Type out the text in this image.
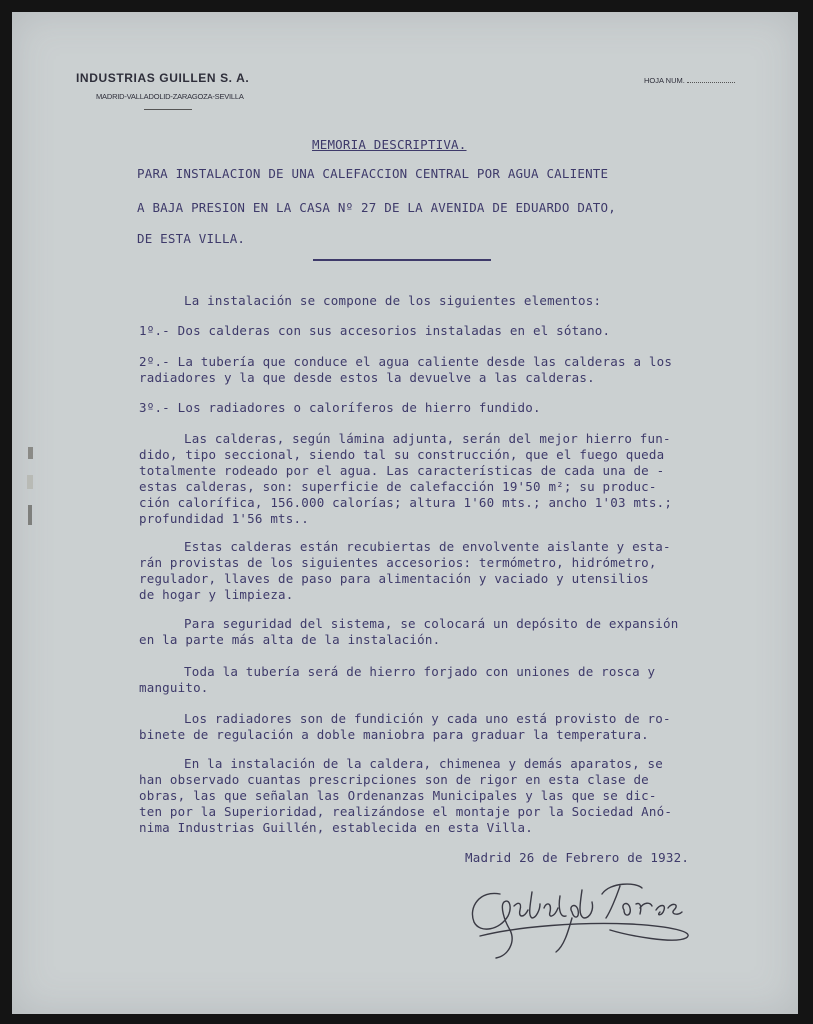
INDUSTRIAS GUILLEN S. A.
MADRID-VALLADOLID-ZARAGOZA-SEVILLA
HOJA NUM.
MEMORIA DESCRIPTIVA.
PARA INSTALACION DE UNA CALEFACCION CENTRAL POR AGUA CALIENTE
A BAJA PRESION EN LA CASA Nº 27 DE LA AVENIDA DE EDUARDO DATO,
DE ESTA VILLA.
La instalación se compone de los siguientes elementos:
1º.- Dos calderas con sus accesorios instaladas en el sótano.
2º.- La tubería que conduce el agua caliente desde las calderas a los
radiadores y la que desde estos la devuelve a las calderas.
3º.- Los radiadores o caloríferos de hierro fundido.
Las calderas, según lámina adjunta, serán del mejor hierro fun-
dido, tipo seccional, siendo tal su construcción, que el fuego queda
totalmente rodeado por el agua. Las características de cada una de -
estas calderas, son: superficie de calefacción 19'50 m²; su produc-
ción calorífica, 156.000 calorías; altura 1'60 mts.; ancho 1'03 mts.;
profundidad 1'56 mts..
Estas calderas están recubiertas de envolvente aislante y esta-
rán provistas de los siguientes accesorios: termómetro, hidrómetro,
regulador, llaves de paso para alimentación y vaciado y utensilios
de hogar y limpieza.
Para seguridad del sistema, se colocará un depósito de expansión
en la parte más alta de la instalación.
Toda la tubería será de hierro forjado con uniones de rosca y
manguito.
Los radiadores son de fundición y cada uno está provisto de ro-
binete de regulación a doble maniobra para graduar la temperatura.
En la instalación de la caldera, chimenea y demás aparatos, se
han observado cuantas prescripciones son de rigor en esta clase de
obras, las que señalan las Ordenanzas Municipales y las que se dic-
ten por la Superioridad, realizándose el montaje por la Sociedad Anó-
nima Industrias Guillén, establecida en esta Villa.
Madrid 26 de Febrero de 1932.
